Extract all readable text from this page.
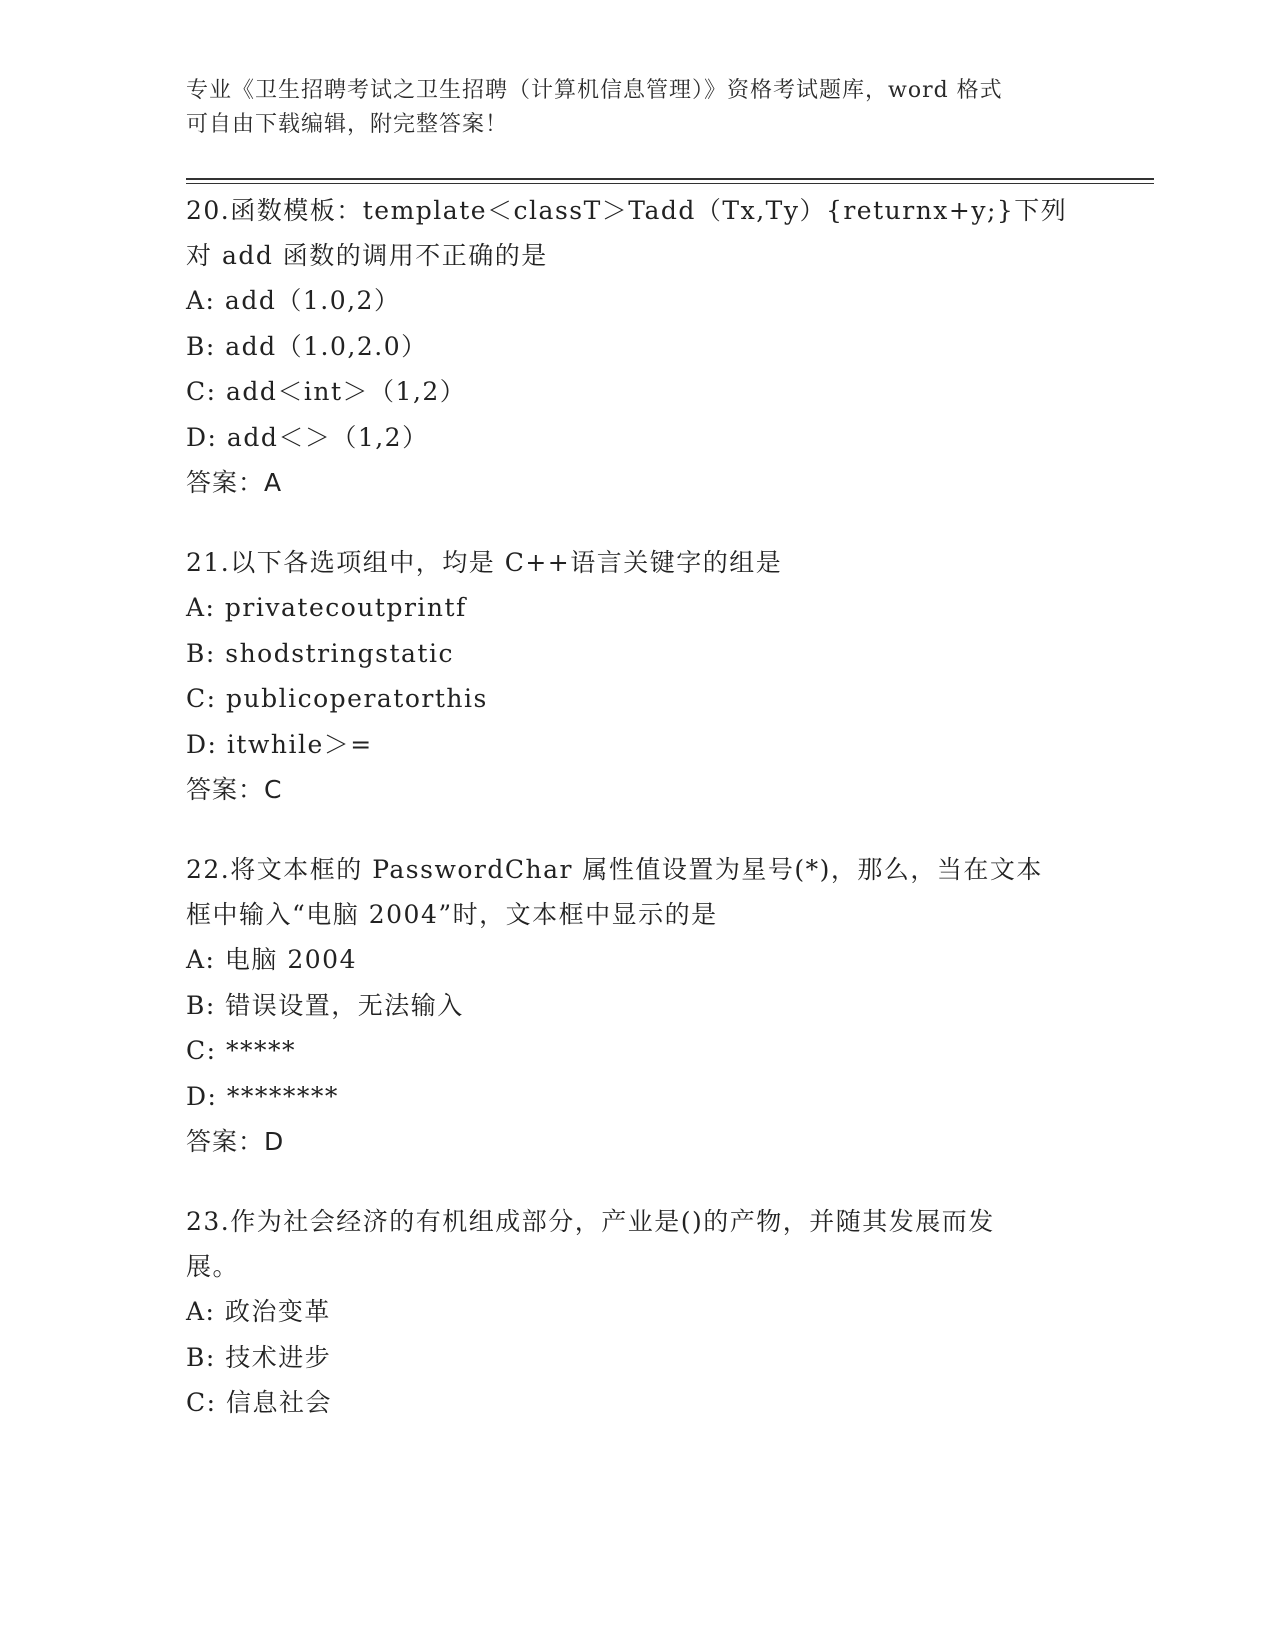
专业《卫生招聘考试之卫生招聘（计算机信息管理）》资格考试题库，word 格式
可自由下载编辑，附完整答案！
20.函数模板：template＜classT＞Tadd（Tx,Ty）{returnx+y;}下列
对 add 函数的调用不正确的是
A: add（1.0,2）
B: add（1.0,2.0）
C: add＜int＞（1,2）
D: add＜＞（1,2）
答案：A
21.以下各选项组中，均是 C++语言关键字的组是
A: privatecoutprintf
B: shodstringstatic
C: publicoperatorthis
D: itwhile＞=
答案：C
22.将文本框的 PasswordChar 属性值设置为星号(*)，那么，当在文本
框中输入“电脑 2004”时，文本框中显示的是
A: 电脑 2004
B: 错误设置，无法输入
C: *****
D: ********
答案：D
23.作为社会经济的有机组成部分，产业是()的产物，并随其发展而发
展。
A: 政治变革
B: 技术进步
C: 信息社会
